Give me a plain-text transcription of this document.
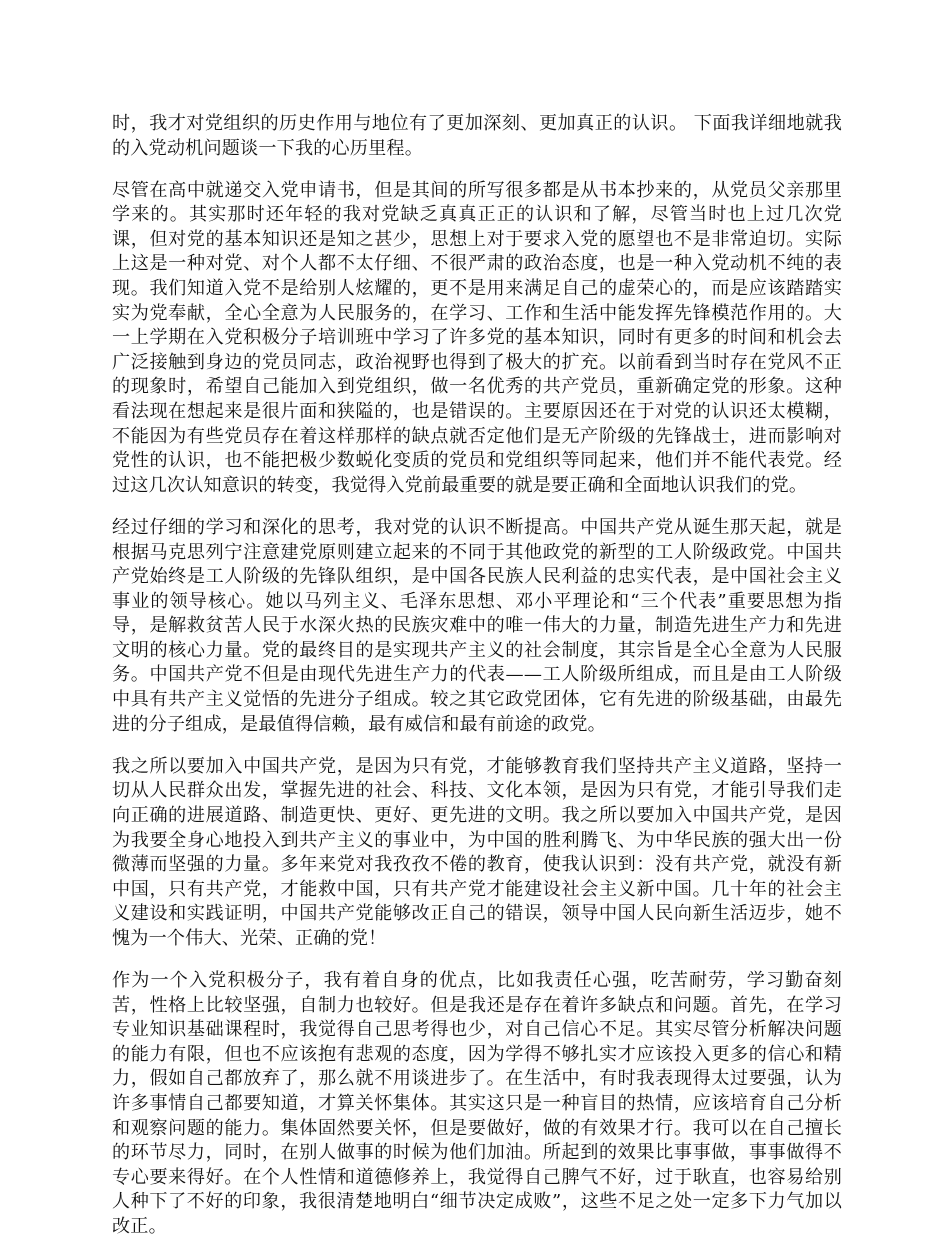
时，我才对党组织的历史作用与地位有了更加深刻、更加真正的认识。 下面我详细地就我的入党动机问题谈一下我的心历里程。

尽管在高中就递交入党申请书，但是其间的所写很多都是从书本抄来的，从党员父亲那里学来的。其实那时还年轻的我对党缺乏真真正正的认识和了解，尽管当时也上过几次党课，但对党的基本知识还是知之甚少，思想上对于要求入党的愿望也不是非常迫切。实际上这是一种对党、对个人都不太仔细、不很严肃的政治态度，也是一种入党动机不纯的表现。我们知道入党不是给别人炫耀的，更不是用来满足自己的虚荣心的，而是应该踏踏实实为党奉献，全心全意为人民服务的，在学习、工作和生活中能发挥先锋模范作用的。大一上学期在入党积极分子培训班中学习了许多党的基本知识，同时有更多的时间和机会去广泛接触到身边的党员同志，政治视野也得到了极大的扩充。以前看到当时存在党风不正的现象时，希望自己能加入到党组织，做一名优秀的共产党员，重新确定党的形象。这种看法现在想起来是很片面和狭隘的，也是错误的。主要原因还在于对党的认识还太模糊，不能因为有些党员存在着这样那样的缺点就否定他们是无产阶级的先锋战士，进而影响对党性的认识，也不能把极少数蜕化变质的党员和党组织等同起来，他们并不能代表党。经过这几次认知意识的转变，我觉得入党前最重要的就是要正确和全面地认识我们的党。

经过仔细的学习和深化的思考，我对党的认识不断提高。中国共产党从诞生那天起，就是根据马克思列宁注意建党原则建立起来的不同于其他政党的新型的工人阶级政党。中国共产党始终是工人阶级的先锋队组织，是中国各民族人民利益的忠实代表，是中国社会主义事业的领导核心。她以马列主义、毛泽东思想、邓小平理论和“三个代表”重要思想为指导，是解救贫苦人民于水深火热的民族灾难中的唯一伟大的力量，制造先进生产力和先进文明的核心力量。党的最终目的是实现共产主义的社会制度，其宗旨是全心全意为人民服务。中国共产党不但是由现代先进生产力的代表——工人阶级所组成，而且是由工人阶级中具有共产主义觉悟的先进分子组成。较之其它政党团体，它有先进的阶级基础，由最先进的分子组成，是最值得信赖，最有威信和最有前途的政党。

我之所以要加入中国共产党，是因为只有党，才能够教育我们坚持共产主义道路，坚持一切从人民群众出发，掌握先进的社会、科技、文化本领，是因为只有党，才能引导我们走向正确的进展道路、制造更快、更好、更先进的文明。我之所以要加入中国共产党，是因为我要全身心地投入到共产主义的事业中，为中国的胜利腾飞、为中华民族的强大出一份微薄而坚强的力量。多年来党对我孜孜不倦的教育，使我认识到：没有共产党，就没有新中国，只有共产党，才能救中国，只有共产党才能建设社会主义新中国。几十年的社会主义建设和实践证明，中国共产党能够改正自己的错误，领导中国人民向新生活迈步，她不愧为一个伟大、光荣、正确的党！

作为一个入党积极分子，我有着自身的优点，比如我责任心强，吃苦耐劳，学习勤奋刻苦，性格上比较坚强，自制力也较好。但是我还是存在着许多缺点和问题。首先，在学习专业知识基础课程时，我觉得自己思考得也少，对自己信心不足。其实尽管分析解决问题的能力有限，但也不应该抱有悲观的态度，因为学得不够扎实才应该投入更多的信心和精力，假如自己都放弃了，那么就不用谈进步了。在生活中，有时我表现得太过要强，认为许多事情自己都要知道，才算关怀集体。其实这只是一种盲目的热情，应该培育自己分析和观察问题的能力。集体固然要关怀，但是要做好，做的有效果才行。我可以在自己擅长的环节尽力，同时，在别人做事的时候为他们加油。所起到的效果比事事做，事事做得不专心要来得好。在个人性情和道德修养上，我觉得自己脾气不好，过于耿直，也容易给别人种下了不好的印象，我很清楚地明白“细节决定成败”，这些不足之处一定多下力气加以改正。
